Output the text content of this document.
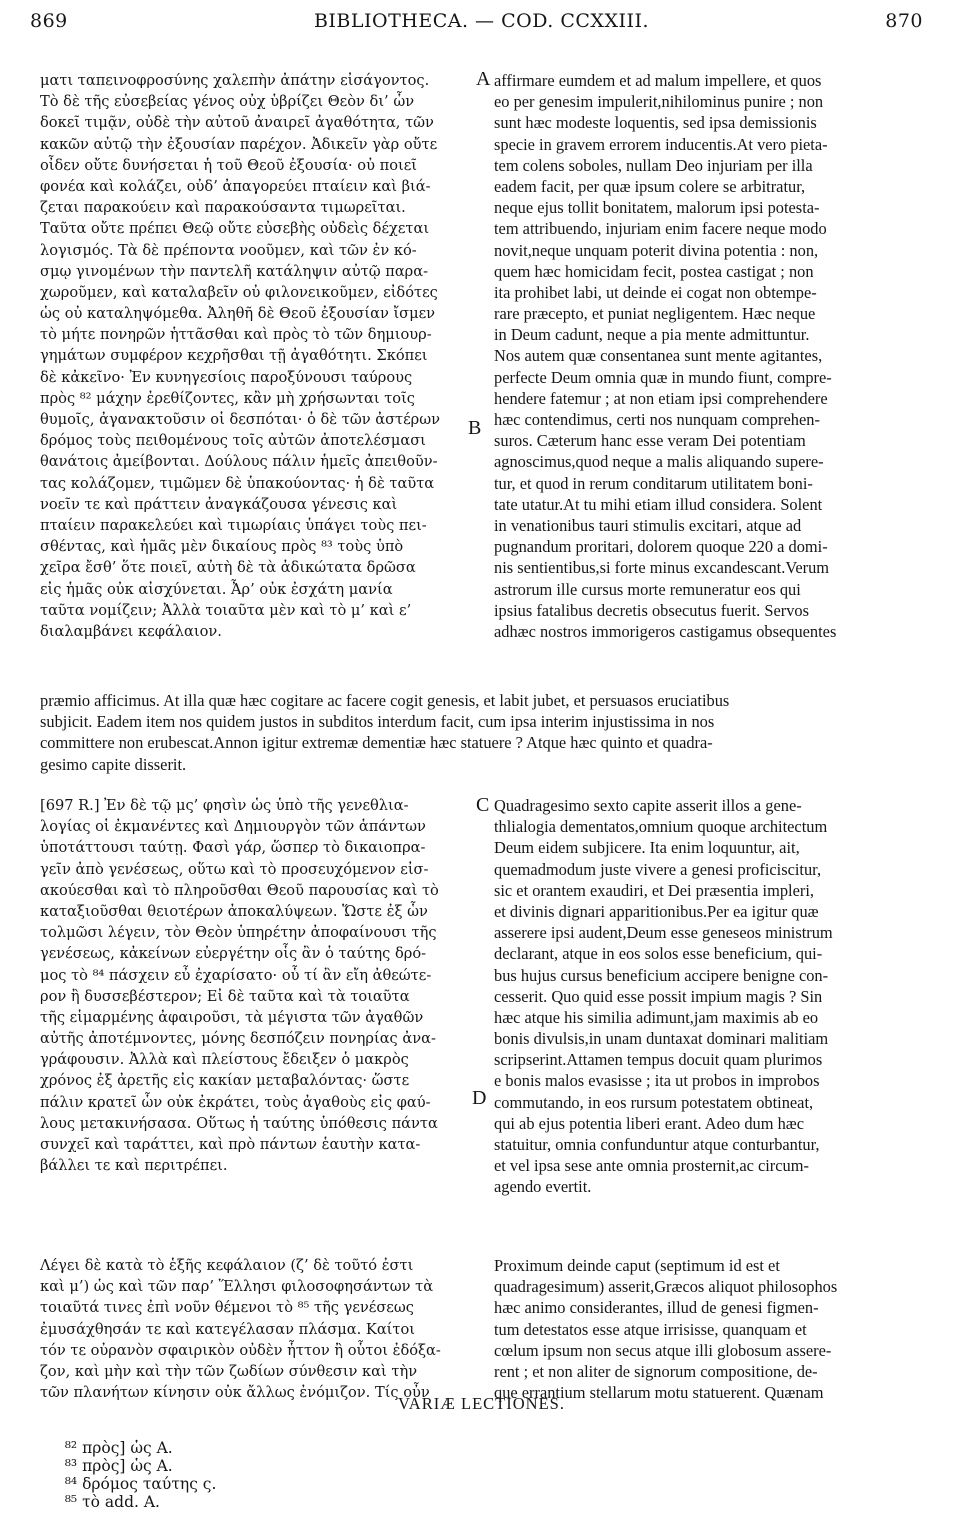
869	BIBLIOTHECA. — COD. CCXXIII.	870
ματι ταπεινοφροσύνης χαλεπὴν ἀπάτην εἰσάγοντος.
Τὸ δὲ τῆς εὐσεβείας γένος οὐχ ὑβρίζει Θεὸν δι’ ὧν
δοκεῖ τιμᾷν, οὐδὲ τὴν αὐτοῦ ἀναιρεῖ ἀγαθότητα, τῶν
κακῶν αὐτῷ τὴν ἐξουσίαν παρέχον. Ἀδικεῖν γὰρ οὔτε
οἶδεν οὔτε δυνήσεται ἡ τοῦ Θεοῦ ἐξουσία· οὐ ποιεῖ
φονέα καὶ κολάζει, οὐδ’ ἀπαγορεύει πταίειν καὶ βιά-
ζεται παρακούειν καὶ παρακούσαντα τιμωρεῖται.
Ταῦτα οὔτε πρέπει Θεῷ οὔτε εὐσεβὴς οὐδεὶς δέχεται
λογισμός. Τὰ δὲ πρέποντα νοοῦμεν, καὶ τῶν ἐν κό-
σμῳ γινομένων τὴν παντελῆ κατάληψιν αὐτῷ παρα-
χωροῦμεν, καὶ καταλαβεῖν οὐ φιλονεικοῦμεν, εἰδότες
ὡς οὐ καταληψόμεθα. Ἀληθῆ δὲ Θεοῦ ἐξουσίαν ἴσμεν
τὸ μήτε πονηρῶν ἡττᾶσθαι καὶ πρὸς τὸ τῶν δημιουρ-
γημάτων συμφέρον κεχρῆσθαι τῇ ἀγαθότητι. Σκόπει
δὲ κἀκεῖνο· Ἐν κυνηγεσίοις παροξύνουσι ταύρους
πρὸς ⁸² μάχην ἐρεθίζοντες, κἂν μὴ χρήσωνται τοῖς
θυμοῖς, ἀγανακτοῦσιν οἱ δεσπόται· ὁ δὲ τῶν ἀστέρων
δρόμος τοὺς πειθομένους τοῖς αὐτῶν ἀποτελέσμασι
θανάτοις ἀμείβονται. Δούλους πάλιν ἡμεῖς ἀπειθοῦν-
τας κολάζομεν, τιμῶμεν δὲ ὑπακούοντας· ἡ δὲ ταῦτα
νοεῖν τε καὶ πράττειν ἀναγκάζουσα γένεσις καὶ
πταίειν παρακελεύει καὶ τιμωρίαις ὑπάγει τοὺς πει-
σθέντας, καὶ ἡμᾶς μὲν δικαίους πρὸς ⁸³ τοὺς ὑπὸ
χεῖρα ἔσθ’ ὅτε ποιεῖ, αὐτὴ δὲ τὰ ἀδικώτατα δρῶσα
εἰς ἡμᾶς οὐκ αἰσχύνεται. Ἆρ’ οὐκ ἐσχάτη μανία
ταῦτα νομίζειν; Ἀλλὰ τοιαῦτα μὲν καὶ τὸ μ’ καὶ ε’
διαλαμβάνει κεφάλαιον.
affirmare eumdem et ad malum impellere, et quos
eo per genesim impulerit,nihilominus punire ; non
sunt hæc modeste loquentis, sed ipsa demissionis
specie in gravem errorem inducentis.At vero pieta-
tem colens soboles, nullam Deo injuriam per illa
eadem facit, per quæ ipsum colere se arbitratur,
neque ejus tollit bonitatem, malorum ipsi potesta-
tem attribuendo, injuriam enim facere neque modo
novit,neque unquam poterit divina potentia : non,
quem hæc homicidam fecit, postea castigat ; non
ita prohibet labi, ut deinde ei cogat non obtempe-
rare præcepto, et puniat negligentem. Hæc neque
in Deum cadunt, neque a pia mente admittuntur.
Nos autem quæ consentanea sunt mente agitantes,
perfecte Deum omnia quæ in mundo fiunt, compre-
hendere fatemur ; at non etiam ipsi comprehendere
hæc contendimus, certi nos nunquam comprehen-
suros. Cæterum hanc esse veram Dei potentiam
agnoscimus,quod neque a malis aliquando supere-
tur, et quod in rerum conditarum utilitatem boni-
tate utatur.At tu mihi etiam illud considera. Solent
in venationibus tauri stimulis excitari, atque ad
pugnandum proritari, dolorem quoque 220 a domi-
nis sentientibus,si forte minus excandescant.Verum
astrorum ille cursus morte remuneratur eos qui
ipsius fatalibus decretis obsecutus fuerit. Servos
adhæc nostros immorigeros castigamus obsequentes
præmio afficimus. At illa quæ hæc cogitare ac facere cogit genesis, et labit jubet, et persuasos eruciatibus
subjicit. Eadem item nos quidem justos in subditos interdum facit, cum ipsa interim injustissima in nos
committere non erubescat.Annon igitur extremæ dementiæ hæc statuere ? Atque hæc quinto et quadra-
gesimo capite disserit.
[697 R.] Ἐν δὲ τῷ μς’ φησὶν ὡς ὑπὸ τῆς γενεθλια-
λογίας οἱ ἐκμανέντες καὶ Δημιουργὸν τῶν ἁπάντων
ὑποτάττουσι ταύτῃ. Φασὶ γάρ, ὥσπερ τὸ δικαιοπρα-
γεῖν ἀπὸ γενέσεως, οὕτω καὶ τὸ προσευχόμενον εἰσ-
ακούεσθαι καὶ τὸ πληροῦσθαι Θεοῦ παρουσίας καὶ τὸ
καταξιοῦσθαι θειοτέρων ἀποκαλύψεων. Ὥστε ἐξ ὧν
τολμῶσι λέγειν, τὸν Θεὸν ὑπηρέτην ἀποφαίνουσι τῆς
γενέσεως, κἀκείνων εὐεργέτην οἷς ἂν ὁ ταύτης δρό-
μος τὸ ⁸⁴ πάσχειν εὖ ἐχαρίσατο· οὗ τί ἂν εἴη ἀθεώτε-
ρον ἢ δυσσεβέστερον; Εἰ δὲ ταῦτα καὶ τὰ τοιαῦτα
τῆς εἱμαρμένης ἀφαιροῦσι, τὰ μέγιστα τῶν ἀγαθῶν
αὐτῆς ἀποτέμνοντες, μόνης δεσπόζειν πονηρίας ἀνα-
γράφουσιν. Ἀλλὰ καὶ πλείστους ἔδειξεν ὁ μακρὸς
χρόνος ἐξ ἀρετῆς εἰς κακίαν μεταβαλόντας· ὥστε
πάλιν κρατεῖ ὧν οὐκ ἐκράτει, τοὺς ἀγαθοὺς εἰς φαύ-
λους μετακινήσασα. Οὕτως ἡ ταύτης ὑπόθεσις πάντα
συνχεῖ καὶ ταράττει, καὶ πρὸ πάντων ἑαυτὴν κατα-
βάλλει τε καὶ περιτρέπει.
Quadragesimo sexto capite asserit illos a gene-
thlialogia dementatos,omnium quoque architectum
Deum eidem subjicere. Ita enim loquuntur, ait,
quemadmodum juste vivere a genesi proficiscitur,
sic et orantem exaudiri, et Dei præsentia impleri,
et divinis dignari apparitionibus.Per ea igitur quæ
asserere ipsi audent,Deum esse geneseos ministrum
declarant, atque in eos solos esse beneficium, qui-
bus hujus cursus beneficium accipere benigne con-
cesserit. Quo quid esse possit impium magis ? Sin
hæc atque his similia adimunt,jam maximis ab eo
bonis divulsis,in unam duntaxat dominari malitiam
scripserint.Attamen tempus docuit quam plurimos
e bonis malos evasisse ; ita ut probos in improbos
commutando, in eos rursum potestatem obtineat,
qui ab ejus potentia liberi erant. Adeo dum hæc
statuitur, omnia confunduntur atque conturbantur,
et vel ipsa sese ante omnia prosternit,ac circum-
agendo evertit.
Λέγει δὲ κατὰ τὸ ἑξῆς κεφάλαιον (ζ’ δὲ τοῦτό ἐστι
καὶ μ’) ὡς καὶ τῶν παρ’ Ἕλλησι φιλοσοφησάντων τὰ
τοιαῦτά τινες ἐπὶ νοῦν θέμενοι τὸ ⁸⁵ τῆς γενέσεως
ἐμυσάχθησάν τε καὶ κατεγέλασαν πλάσμα. Καίτοι
τόν τε οὐρανὸν σφαιρικὸν οὐδὲν ἧττον ἢ οὗτοι ἐδόξα-
ζον, καὶ μὴν καὶ τὴν τῶν ζωδίων σύνθεσιν καὶ τὴν
τῶν πλανήτων κίνησιν οὐκ ἄλλως ἐνόμιζον. Τίς οὖν
Proximum deinde caput (septimum id est et
quadragesimum) asserit,Græcos aliquot philosophos
hæc animo considerantes, illud de genesi figmen-
tum detestatos esse atque irrisisse, quanquam et
cœlum ipsum non secus atque illi globosum assere-
rent ; et non aliter de signorum compositione, de-
que errantium stellarum motu statuerent. Quænam
A
B
C
D
VARIÆ LECTIONES.

⁸² πρὸς] ὡς A.
⁸³ πρὸς] ὡς A.
⁸⁴ δρόμος ταύτης ς.
⁸⁵ τὸ add. A.
